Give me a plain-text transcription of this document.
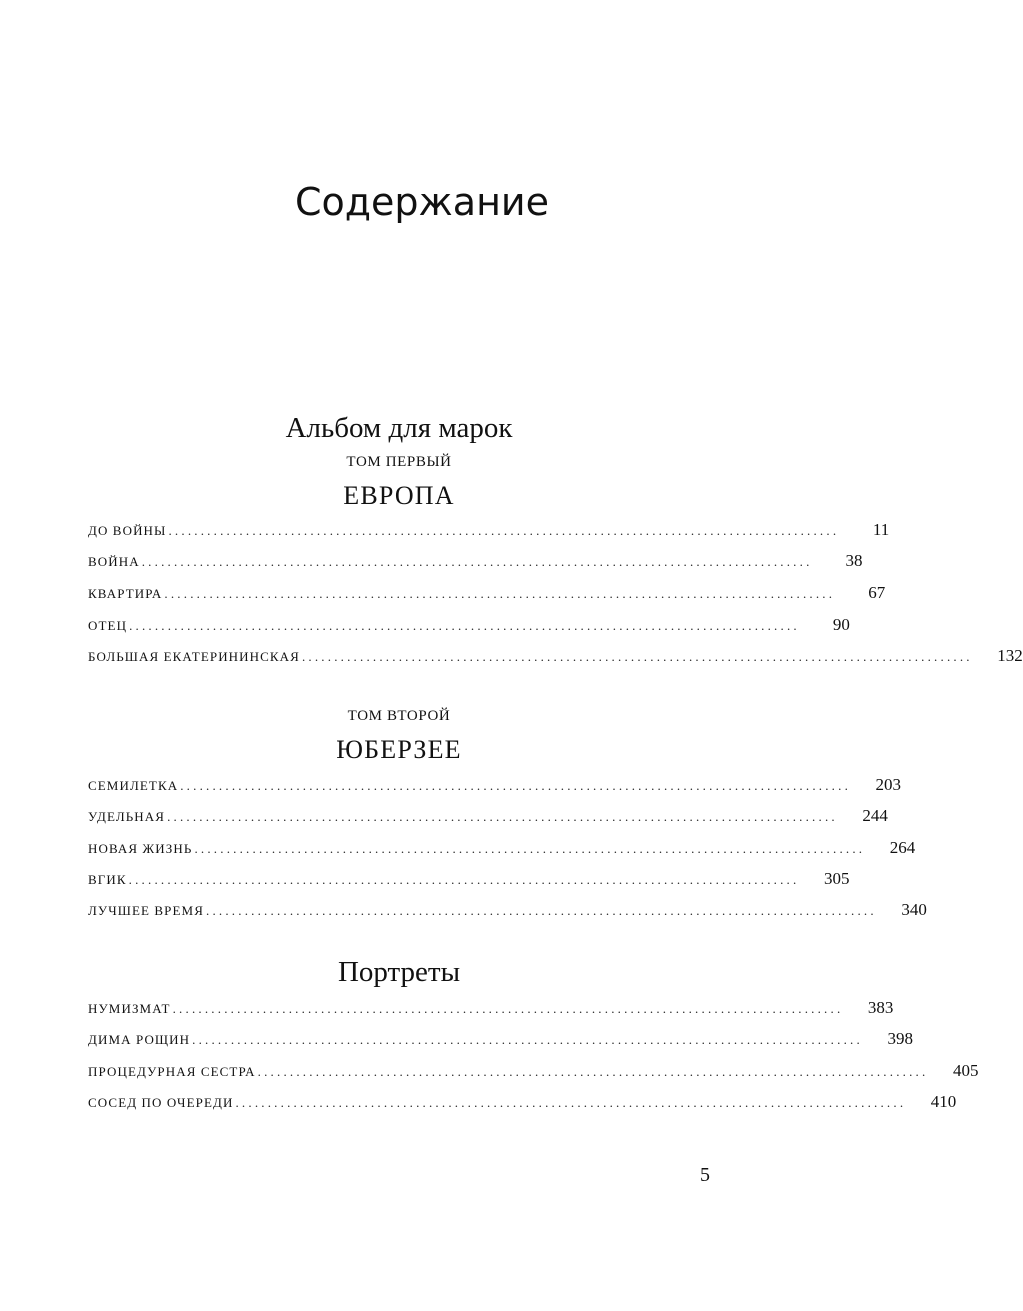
Содержание
Альбом для марок
ТОМ ПЕРВЫЙ
ЕВРОПА
ДО ВОЙНЫ ........................................................................................................	11
ВОЙНА ........................................................................................................	38
КВАРТИРА ........................................................................................................	67
ОТЕЦ ........................................................................................................	90
БОЛЬШАЯ ЕКАТЕРИНИНСКАЯ ........................................................................................................	132
ТОМ ВТОРОЙ
ЮБЕРЗЕЕ
СЕМИЛЕТКА ........................................................................................................	203
УДЕЛЬНАЯ ........................................................................................................	244
НОВАЯ ЖИЗНЬ ........................................................................................................	264
ВГИК ........................................................................................................	305
ЛУЧШЕЕ ВРЕМЯ ........................................................................................................	340
Портреты
НУМИЗМАТ ........................................................................................................	383
ДИМА РОЩИН ........................................................................................................	398
ПРОЦЕДУРНАЯ СЕСТРА ........................................................................................................	405
СОСЕД ПО ОЧЕРЕДИ ........................................................................................................	410
5
